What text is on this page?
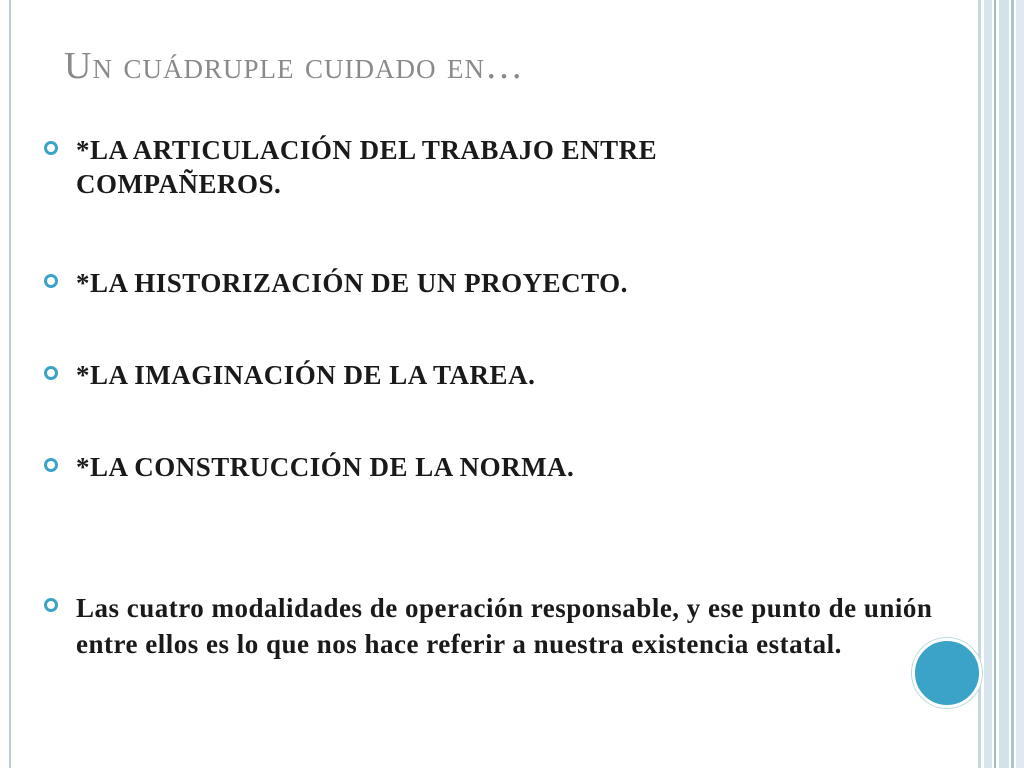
Un cuádruple cuidado en…
*LA ARTICULACIÓN DEL TRABAJO ENTRE COMPAÑEROS.
*LA HISTORIZACIÓN DE UN PROYECTO.
*LA IMAGINACIÓN DE LA TAREA.
*LA CONSTRUCCIÓN DE LA NORMA.
Las cuatro modalidades de operación responsable, y ese punto de unión entre ellos es lo que nos hace referir a nuestra existencia estatal.
